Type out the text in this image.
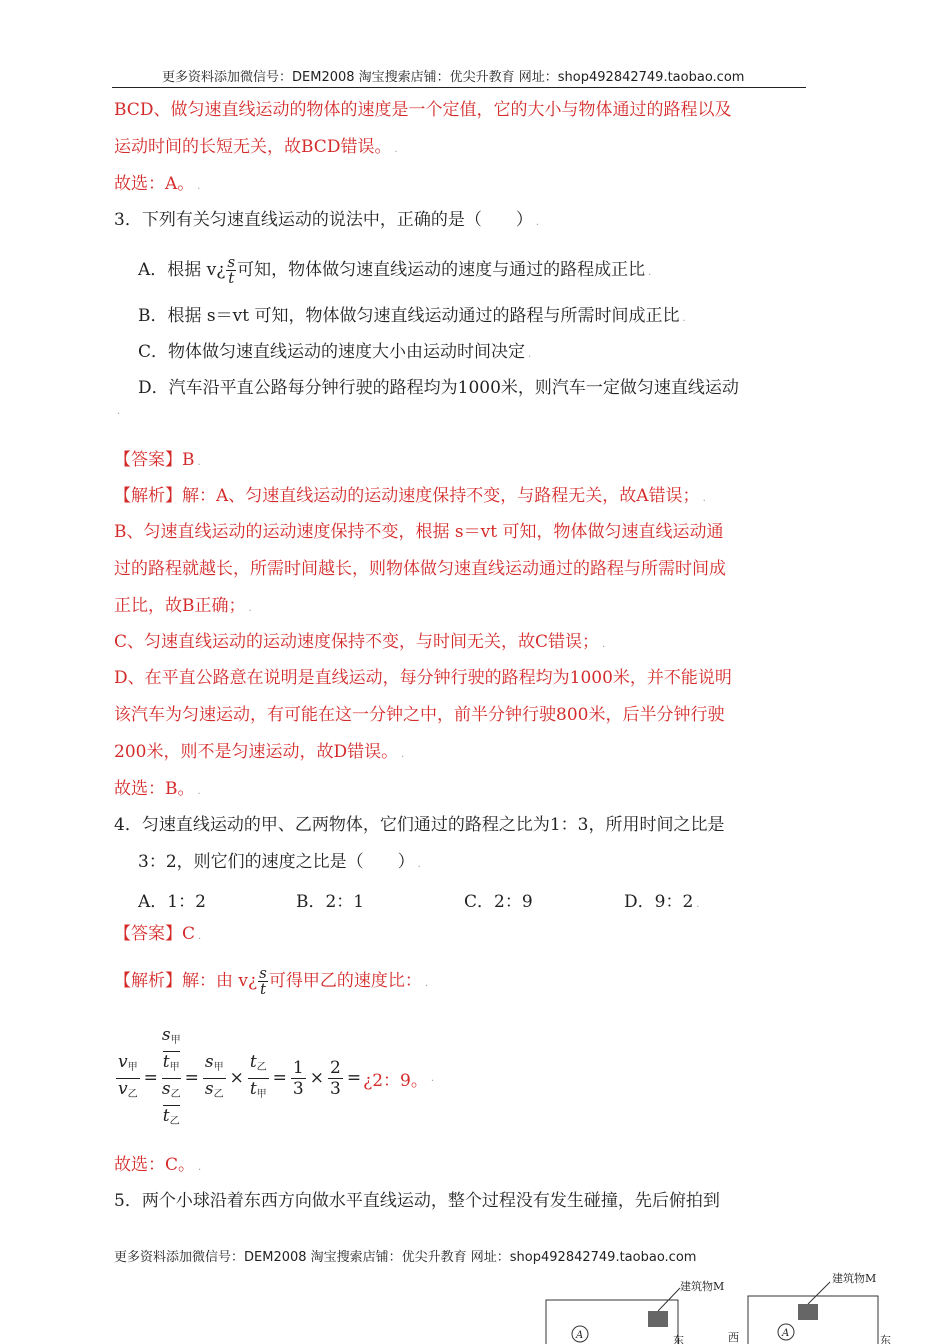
更多资料添加微信号：DEM2008 淘宝搜索店铺：优尖升教育 网址：shop492842749.taobao.com
BCD、做匀速直线运动的物体的速度是一个定值，它的大小与物体通过的路程以及
运动时间的长短无关，故BCD错误。 .
故选：A。 .
3．下列有关匀速直线运动的说法中，正确的是（　　） .
A．根据 v¿ $\frac{s}{t}$ 可知，物体做匀速直线运动的速度与通过的路程成正比 .
B．根据 s＝vt 可知，物体做匀速直线运动通过的路程与所需时间成正比 .
C．物体做匀速直线运动的速度大小由运动时间决定 .
D．汽车沿平直公路每分钟行驶的路程均为1000米，则汽车一定做匀速直线运动
.
【答案】B .
【解析】解：A、匀速直线运动的运动速度保持不变，与路程无关，故A错误； .
B、匀速直线运动的运动速度保持不变，根据 s＝vt 可知，物体做匀速直线运动通
过的路程就越长，所需时间越长，则物体做匀速直线运动通过的路程与所需时间成
正比，故B正确； .
C、匀速直线运动的运动速度保持不变，与时间无关，故C错误； .
D、在平直公路意在说明是直线运动，每分钟行驶的路程均为1000米，并不能说明
该汽车为匀速运动，有可能在这一分钟之中，前半分钟行驶800米，后半分钟行驶
200米，则不是匀速运动，故D错误。 .
故选：B。 .
4．匀速直线运动的甲、乙两物体，它们通过的路程之比为1：3，所用时间之比是
3：2，则它们的速度之比是（　　） .
A．1：2	B．2：1	C．2：9	D．9：2 .
【答案】C .
【解析】解：由 v¿ $\frac{s}{t}$ 可得甲乙的速度比： .
$v_甲$
$v_乙$
=
$s_甲$
$t_甲$
$s_乙$
$t_乙$
=
$s_甲$
$s_乙$
×
$t_乙$
$t_甲$
= $\frac{1}{3} \times \frac{2}{3}$ = ¿2：9。 .
故选：C。 .
5．两个小球沿着东西方向做水平直线运动，整个过程没有发生碰撞，先后俯拍到
更多资料添加微信号：DEM2008 淘宝搜索店铺：优尖升教育 网址：shop492842749.taobao.com
建筑物M
A	东	西
建筑物M
A
东
